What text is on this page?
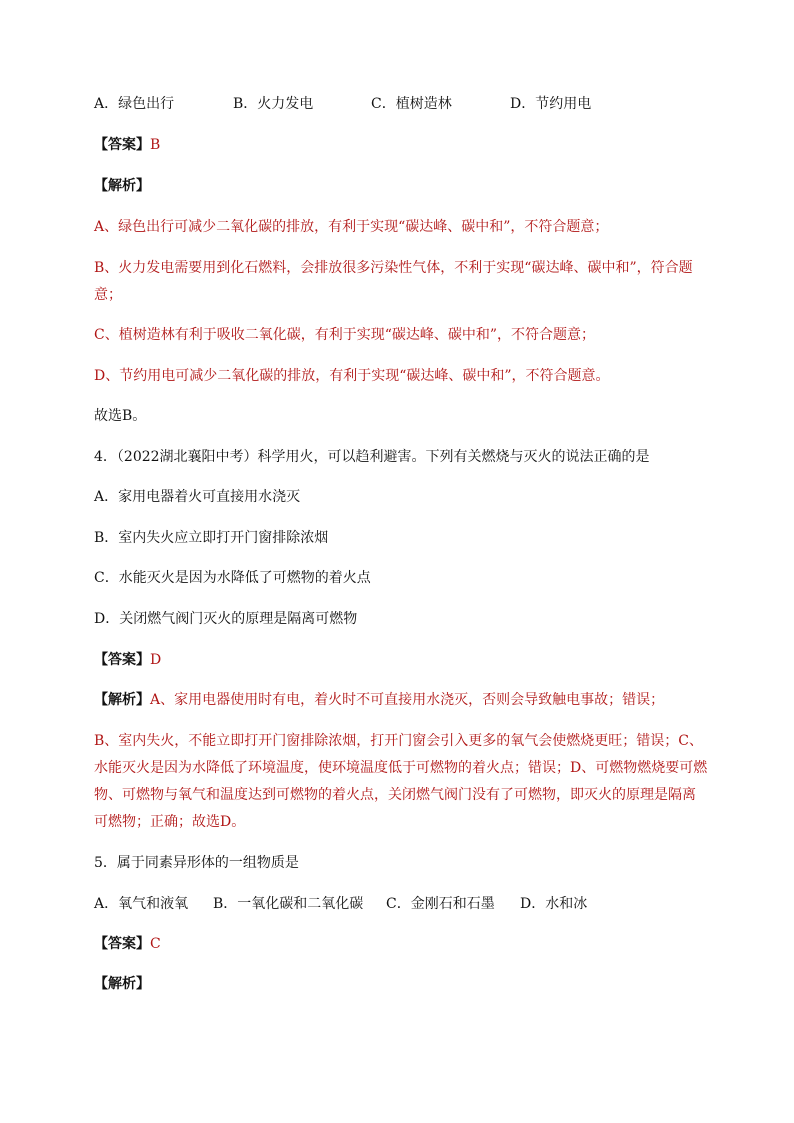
A．绿色出行	B．火力发电	C．植树造林	D．节约用电
【答案】B
【解析】
A、绿色出行可减少二氧化碳的排放，有利于实现“碳达峰、碳中和”，不符合题意；
B、火力发电需要用到化石燃料，会排放很多污染性气体，不利于实现“碳达峰、碳中和”，符合题
意；
C、植树造林有利于吸收二氧化碳，有利于实现“碳达峰、碳中和”，不符合题意；
D、节约用电可减少二氧化碳的排放，有利于实现“碳达峰、碳中和”，不符合题意。
故选B。
4．（2022湖北襄阳中考）科学用火，可以趋利避害。下列有关燃烧与灭火的说法正确的是
A．家用电器着火可直接用水浇灭
B．室内失火应立即打开门窗排除浓烟
C．水能灭火是因为水降低了可燃物的着火点
D．关闭燃气阀门灭火的原理是隔离可燃物
【答案】D
【解析】A、家用电器使用时有电，着火时不可直接用水浇灭，否则会导致触电事故；错误；
B、室内失火，不能立即打开门窗排除浓烟，打开门窗会引入更多的氧气会使燃烧更旺；错误；C、
水能灭火是因为水降低了环境温度，使环境温度低于可燃物的着火点；错误；D、可燃物燃烧要可燃
物、可燃物与氧气和温度达到可燃物的着火点，关闭燃气阀门没有了可燃物，即灭火的原理是隔离
可燃物；正确；故选D。
5．属于同素异形体的一组物质是
A．氧气和液氧	B．一氧化碳和二氧化碳	C．金刚石和石墨	D．水和冰
【答案】C
【解析】
